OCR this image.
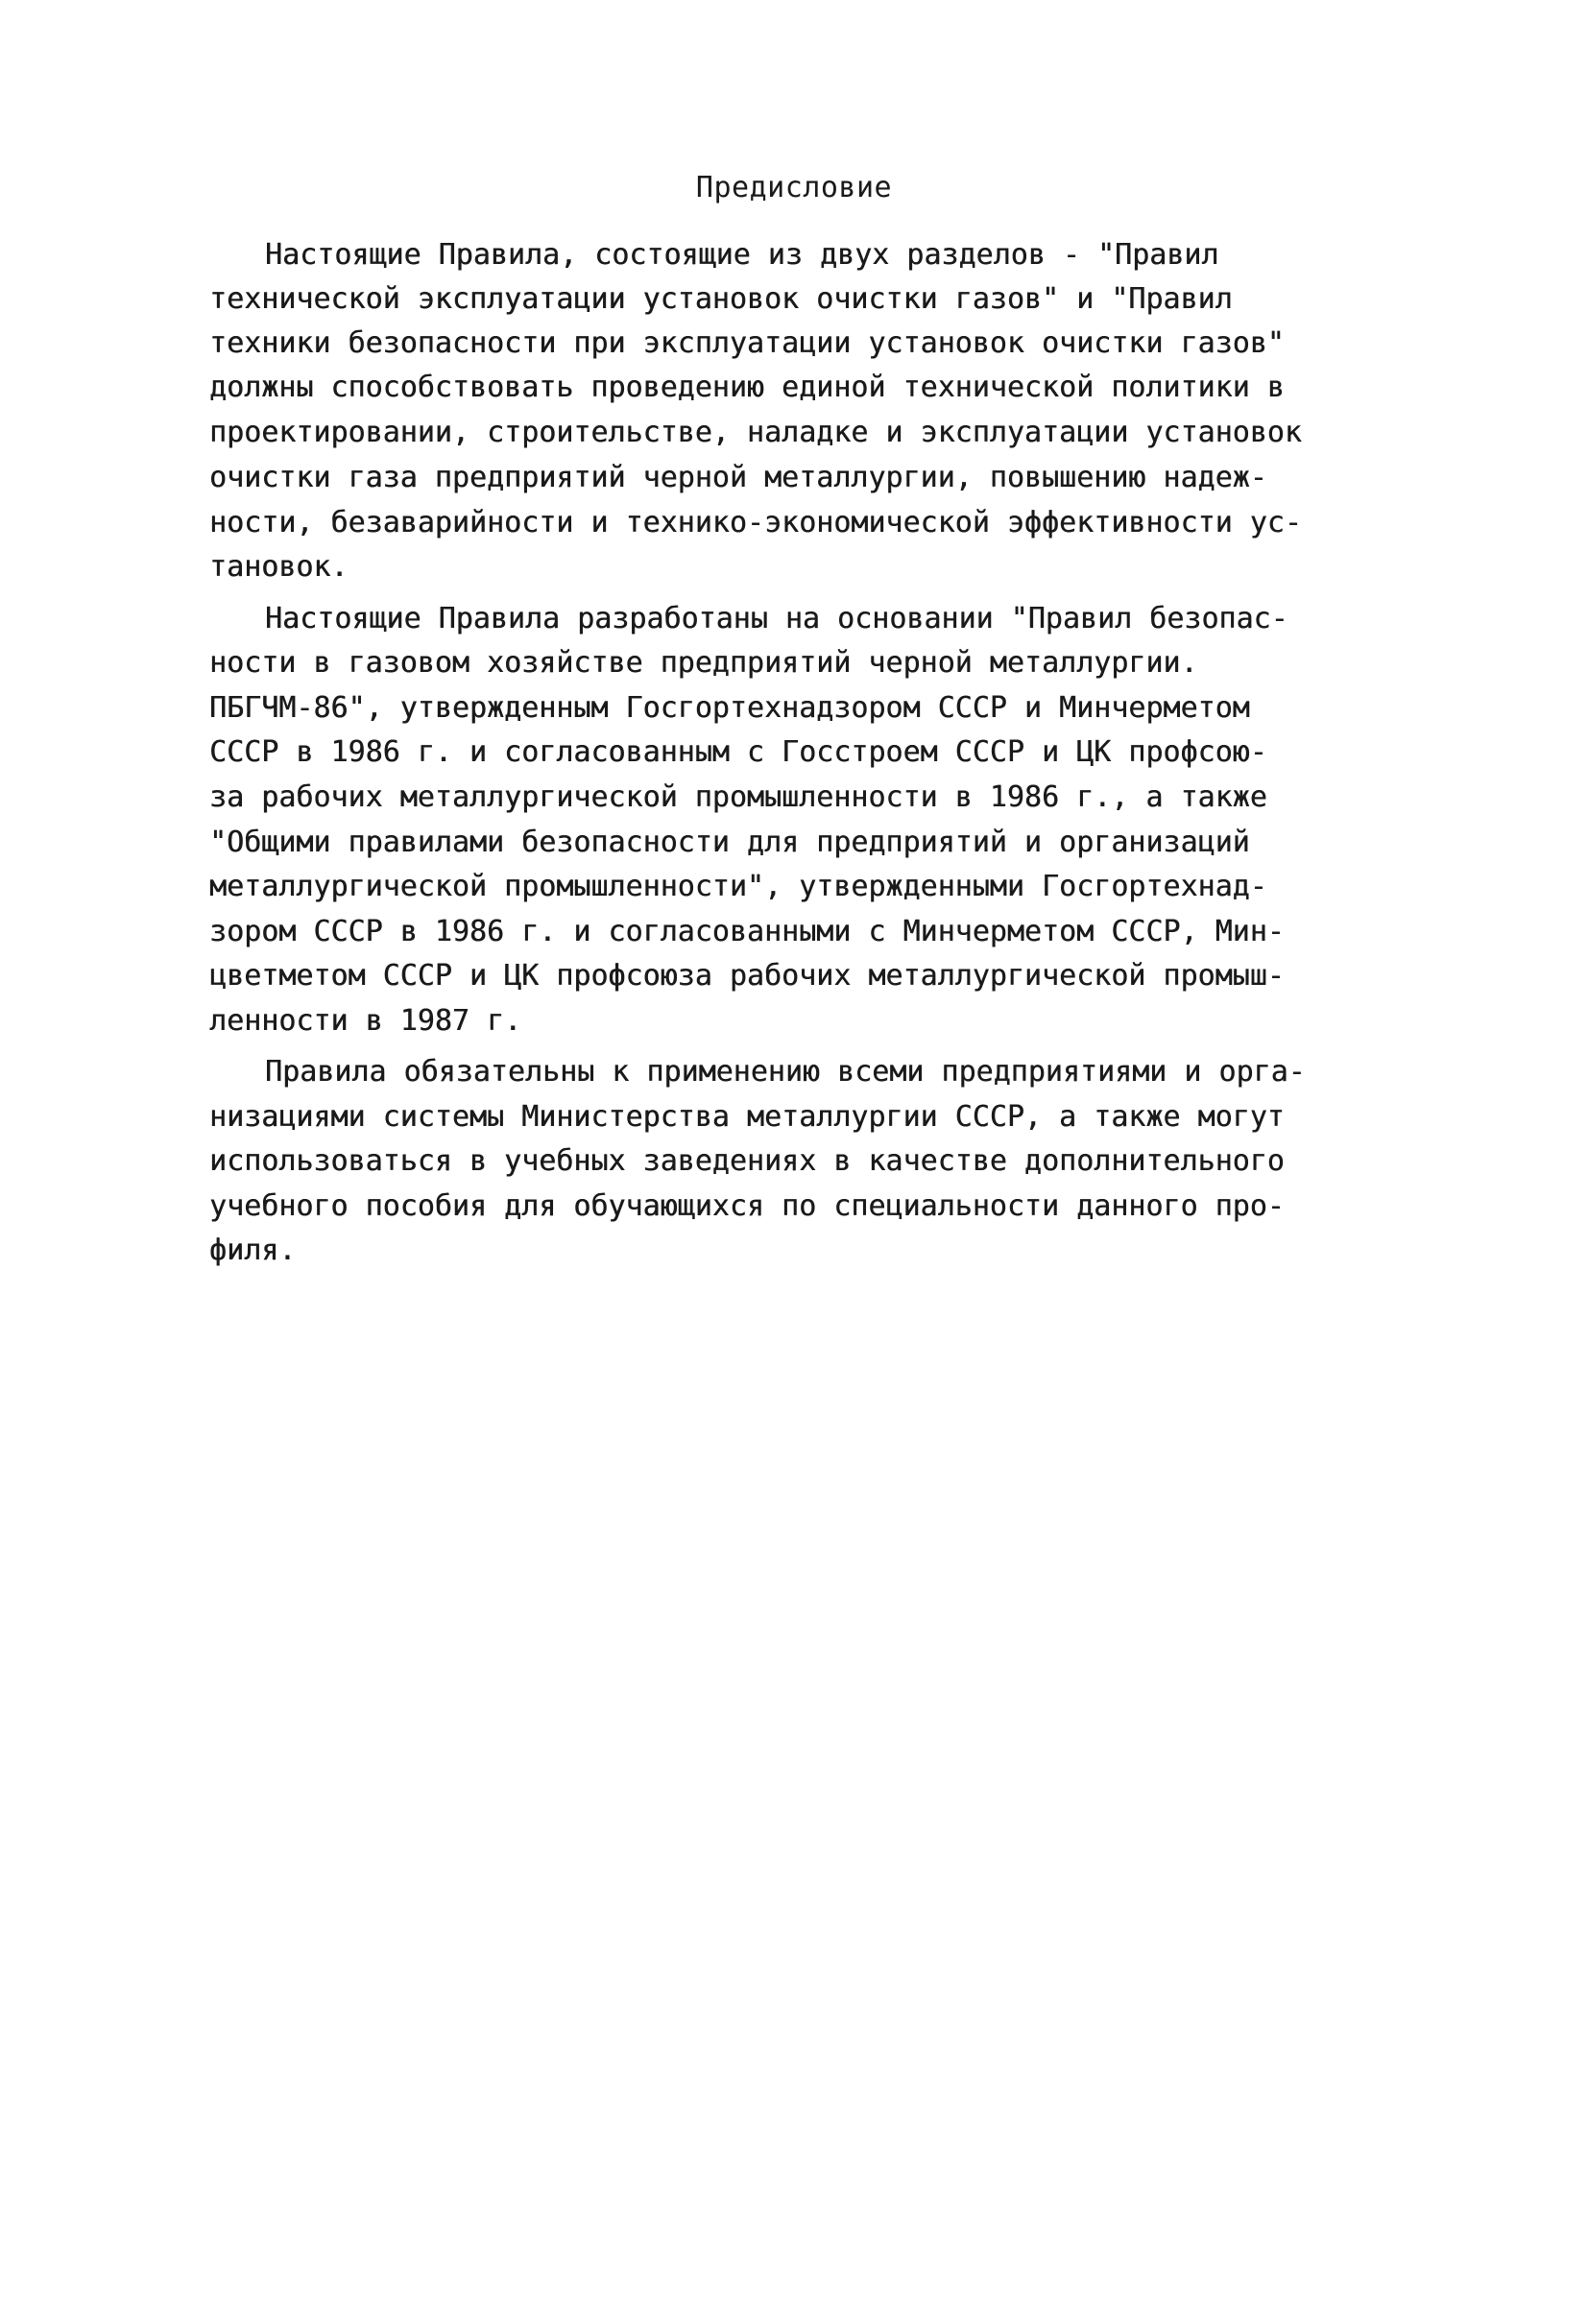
Предисловие
Настоящие Правила, состоящие из двух разделов - "Правил
технической эксплуатации установок очистки газов" и "Правил
техники безопасности при эксплуатации установок очистки газов"
должны способствовать проведению единой технической политики в
проектировании, строительстве, наладке и эксплуатации установок
очистки газа предприятий черной металлургии, повышению надеж-
ности, безаварийности и технико-экономической эффективности ус-
тановок.
Настоящие Правила разработаны на основании "Правил безопас-
ности в газовом хозяйстве предприятий черной металлургии.
ПБГЧМ-86", утвержденным Госгортехнадзором СССР и Минчерметом
СССР в 1986 г. и согласованным с Госстроем СССР и ЦК профсою-
за рабочих металлургической промышленности в 1986 г., а также
"Общими правилами безопасности для предприятий и организаций
металлургической промышленности", утвержденными Госгортехнад-
зором СССР в 1986 г. и согласованными с Минчерметом СССР, Мин-
цветметом СССР и ЦК профсоюза рабочих металлургической промыш-
ленности в 1987 г.
Правила обязательны к применению всеми предприятиями и орга-
низациями системы Министерства металлургии СССР, а также могут
использоваться в учебных заведениях в качестве дополнительного
учебного пособия для обучающихся по специальности данного про-
филя.
